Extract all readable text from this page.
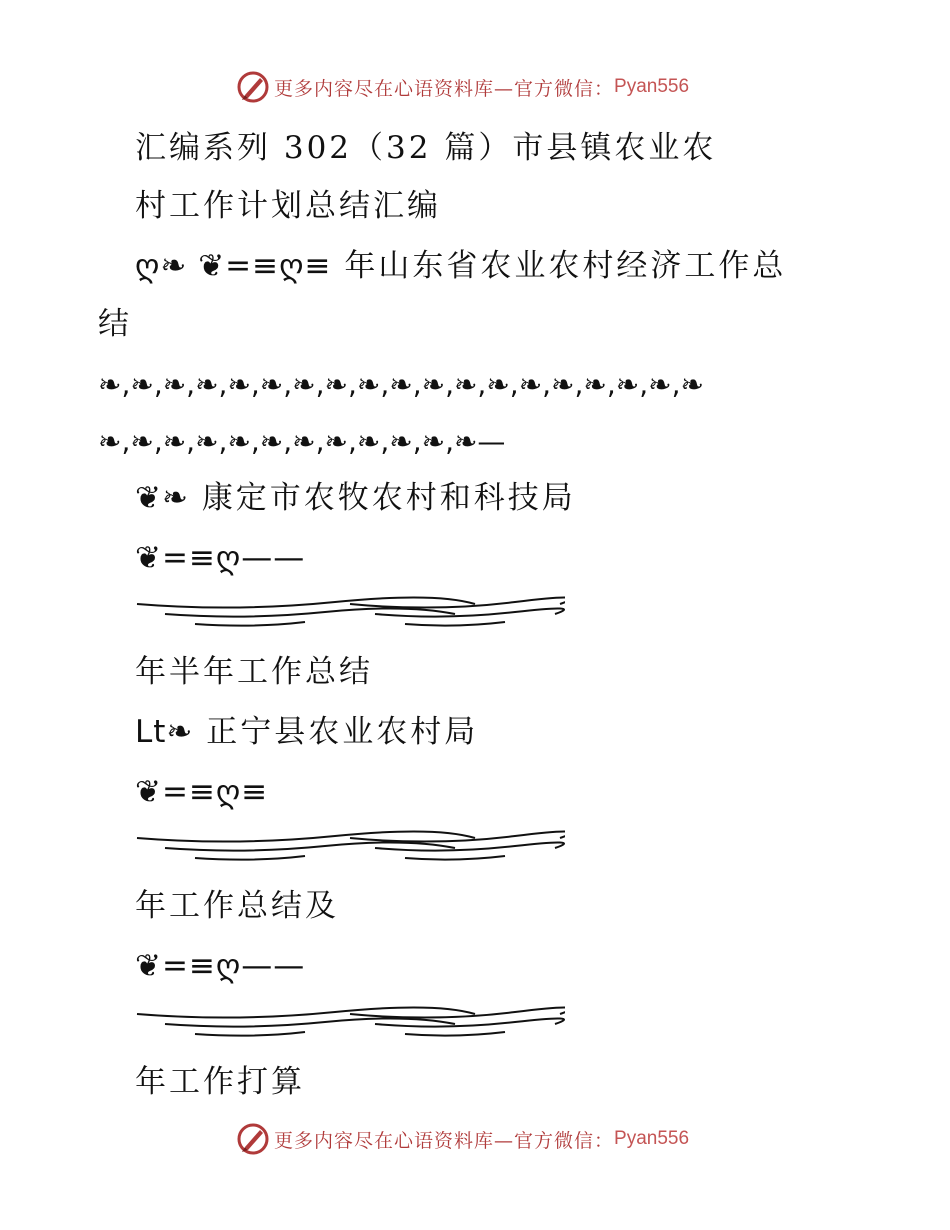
更多内容尽在心语资料库—官方微信： Pyan556
汇编系列 302（32 篇）市县镇农业农
村工作计划总结汇编
ღ❧ ❦=≡ღ≡ 年山东省农业农村经济工作总
结
❧,❧,❧,❧,❧,❧,❧,❧,❧,❧,❧,❧,❧,❧,❧,❧,❧,❧,❧
❧,❧,❧,❧,❧,❧,❧,❧,❧,❧,❧,❧—
❦❧ 康定市农牧农村和科技局
❦=≡ღ——
年半年工作总结
Lt❧ 正宁县农业农村局
❦=≡ღ≡
年工作总结及
❦=≡ღ——
年工作打算
更多内容尽在心语资料库—官方微信： Pyan556
